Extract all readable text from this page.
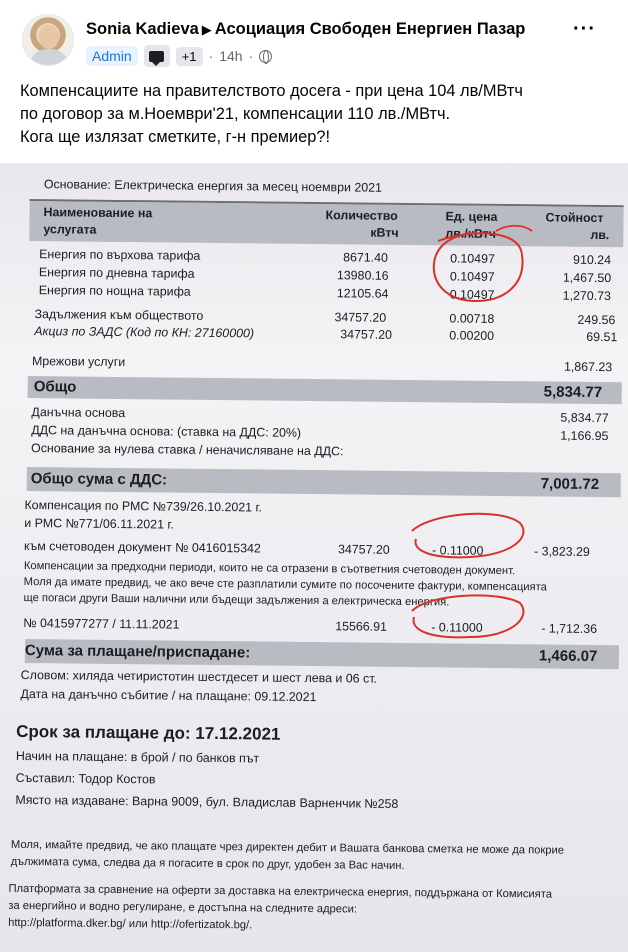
Sonia Kadieva ▶ Асоциация Свободен Енергиен Пазар ···
Admin	+1 · 14h ·
Компенсациите на правителството досега - при цена 104 лв/МВтч
по договор за м.Ноември'21, компенсации 110 лв./МВтч.
Кога ще излязат сметките, г-н премиер?!
Основание: Електрическа енергия за месец ноември 2021
Наименование на	Количество	Ед. цена	Стойност
услугата	кВтч	лв./кВтч	лв.
Енергия по върхова тарифа	8671.40	0.10497	910.24
Енергия по дневна тарифа	13980.16	0.10497	1,467.50
Енергия по нощна тарифа	12105.64	0.10497	1,270.73
Задължения към обществото	34757.20	0.00718	249.56
Акциз по ЗАДС (Код по КН: 27160000)	34757.20	0.00200	69.51
Мрежови услуги	1,867.23
Общо	5,834.77
Данъчна основа	5,834.77
ДДС на данъчна основа: (ставка на ДДС: 20%)	1,166.95
Основание за нулева ставка / неначисляване на ДДС:
Общо сума с ДДС:	7,001.72
Компенсация по РМС №739/26.10.2021 г.
и РМС №771/06.11.2021 г.
към счетоводен документ № 0416015342	34757.20	- 0.11000	- 3,823.29
Компенсации за предходни периоди, които не са отразени в съответния счетоводен документ.
Моля да имате предвид, че ако вече сте разплатили сумите по посочените фактури, компенсацията
ще погаси други Ваши налични или бъдещи задължения а електрическа енергия.
№ 0415977277 / 11.11.2021	15566.91	- 0.11000	- 1,712.36
Сума за плащане/приспадане:	1,466.07
Словом: хиляда четиристотин шестдесет и шест лева и 06 ст.
Дата на данъчно събитие / на плащане: 09.12.2021
Срок за плащане до: 17.12.2021
Начин на плащане: в брой / по банков път
Съставил: Тодор Костов
Място на издаване: Варна 9009, бул. Владислав Варненчик №258
Моля, имайте предвид, че ако плащате чрез директен дебит и Вашата банкова сметка не може да покрие
дължимата сума, следва да я погасите в срок по друг, удобен за Вас начин.
Платформата за сравнение на оферти за доставка на електрическа енергия, поддържана от Комисията
за енергийно и водно регулиране, е достъпна на следните адреси:
http://platforma.dker.bg/ или http://ofertizatok.bg/.
